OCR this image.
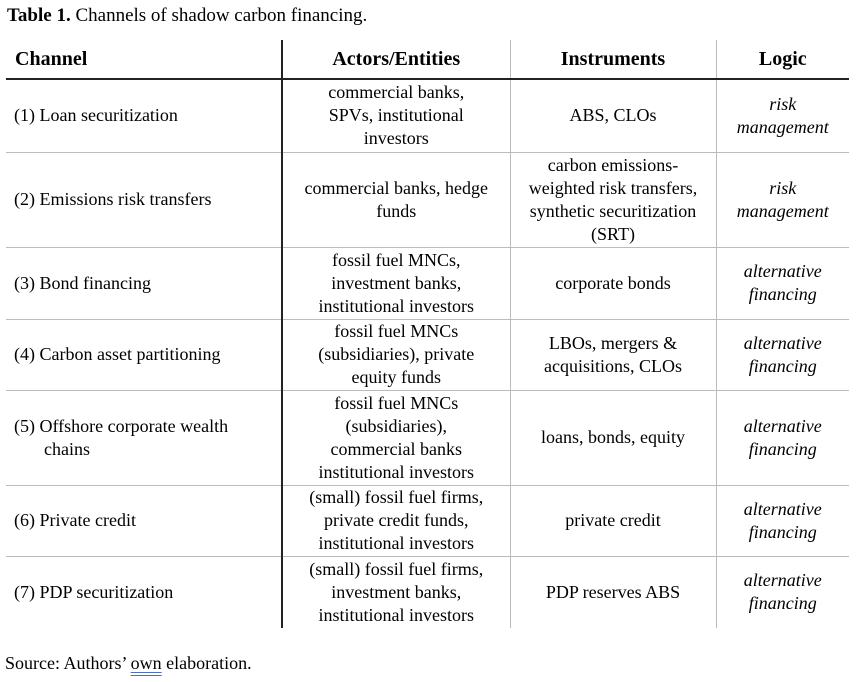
Table 1. Channels of shadow carbon financing.
Channel	Actors/Entities	Instruments	Logic

(1) Loan securitization	commercial banks, SPVs, institutional investors	ABS, CLOs	risk management

(2) Emissions risk transfers	commercial banks, hedge funds	carbon emissions-weighted risk transfers, synthetic securitization (SRT)	risk management

(3) Bond financing	fossil fuel MNCs, investment banks, institutional investors	corporate bonds	alternative financing

(4) Carbon asset partitioning	fossil fuel MNCs (subsidiaries), private equity funds	LBOs, mergers & acquisitions, CLOs	alternative financing

(5) Offshore corporate wealth chains	fossil fuel MNCs (subsidiaries), commercial banks institutional investors	loans, bonds, equity	alternative financing

(6) Private credit	(small) fossil fuel firms, private credit funds, institutional investors	private credit	alternative financing

(7) PDP securitization	(small) fossil fuel firms, investment banks, institutional investors	PDP reserves ABS	alternative financing
Source: Authors’ own elaboration.
